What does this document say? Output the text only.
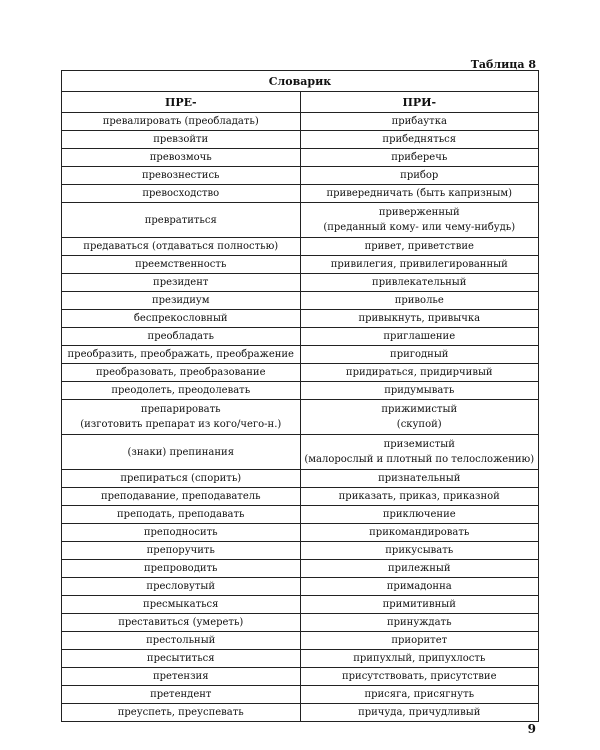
Таблица 8
Словарик	
ПРЕ-	ПРИ-
превалировать (преобладать)	прибаутка
превзойти	прибедняться
превозмочь	приберечь
превознестись	прибор
превосходство	привередничать (быть капризным)
превратиться	приверженный
(преданный кому- или чему-нибудь)
предаваться (отдаваться полностью)	привет, приветствие
преемственность	привилегия, привилегированный
президент	привлекательный
президиум	приволье
беспрекословный	привыкнуть, привычка
преобладать	приглашение
преобразить, преображать, преображение	пригодный
преобразовать, преобразование	придираться, придирчивый
преодолеть, преодолевать	придумывать
препарировать
(изготовить препарат из кого/чего-н.)	прижимистый
(скупой)
(знаки) препинания	приземистый
(малорослый и плотный по телосложению)
препираться (спорить)	признательный
преподавание, преподаватель	приказать, приказ, приказной
преподать, преподавать	приключение
преподносить	прикомандировать
препоручить	прикусывать
препроводить	прилежный
пресловутый	примадонна
пресмыкаться	примитивный
преставиться (умереть)	принуждать
престольный	приоритет
пресытиться	припухлый, припухлость
претензия	присутствовать, присутствие
претендент	присяга, присягнуть
преуспеть, преуспевать	причуда, причудливый
9
